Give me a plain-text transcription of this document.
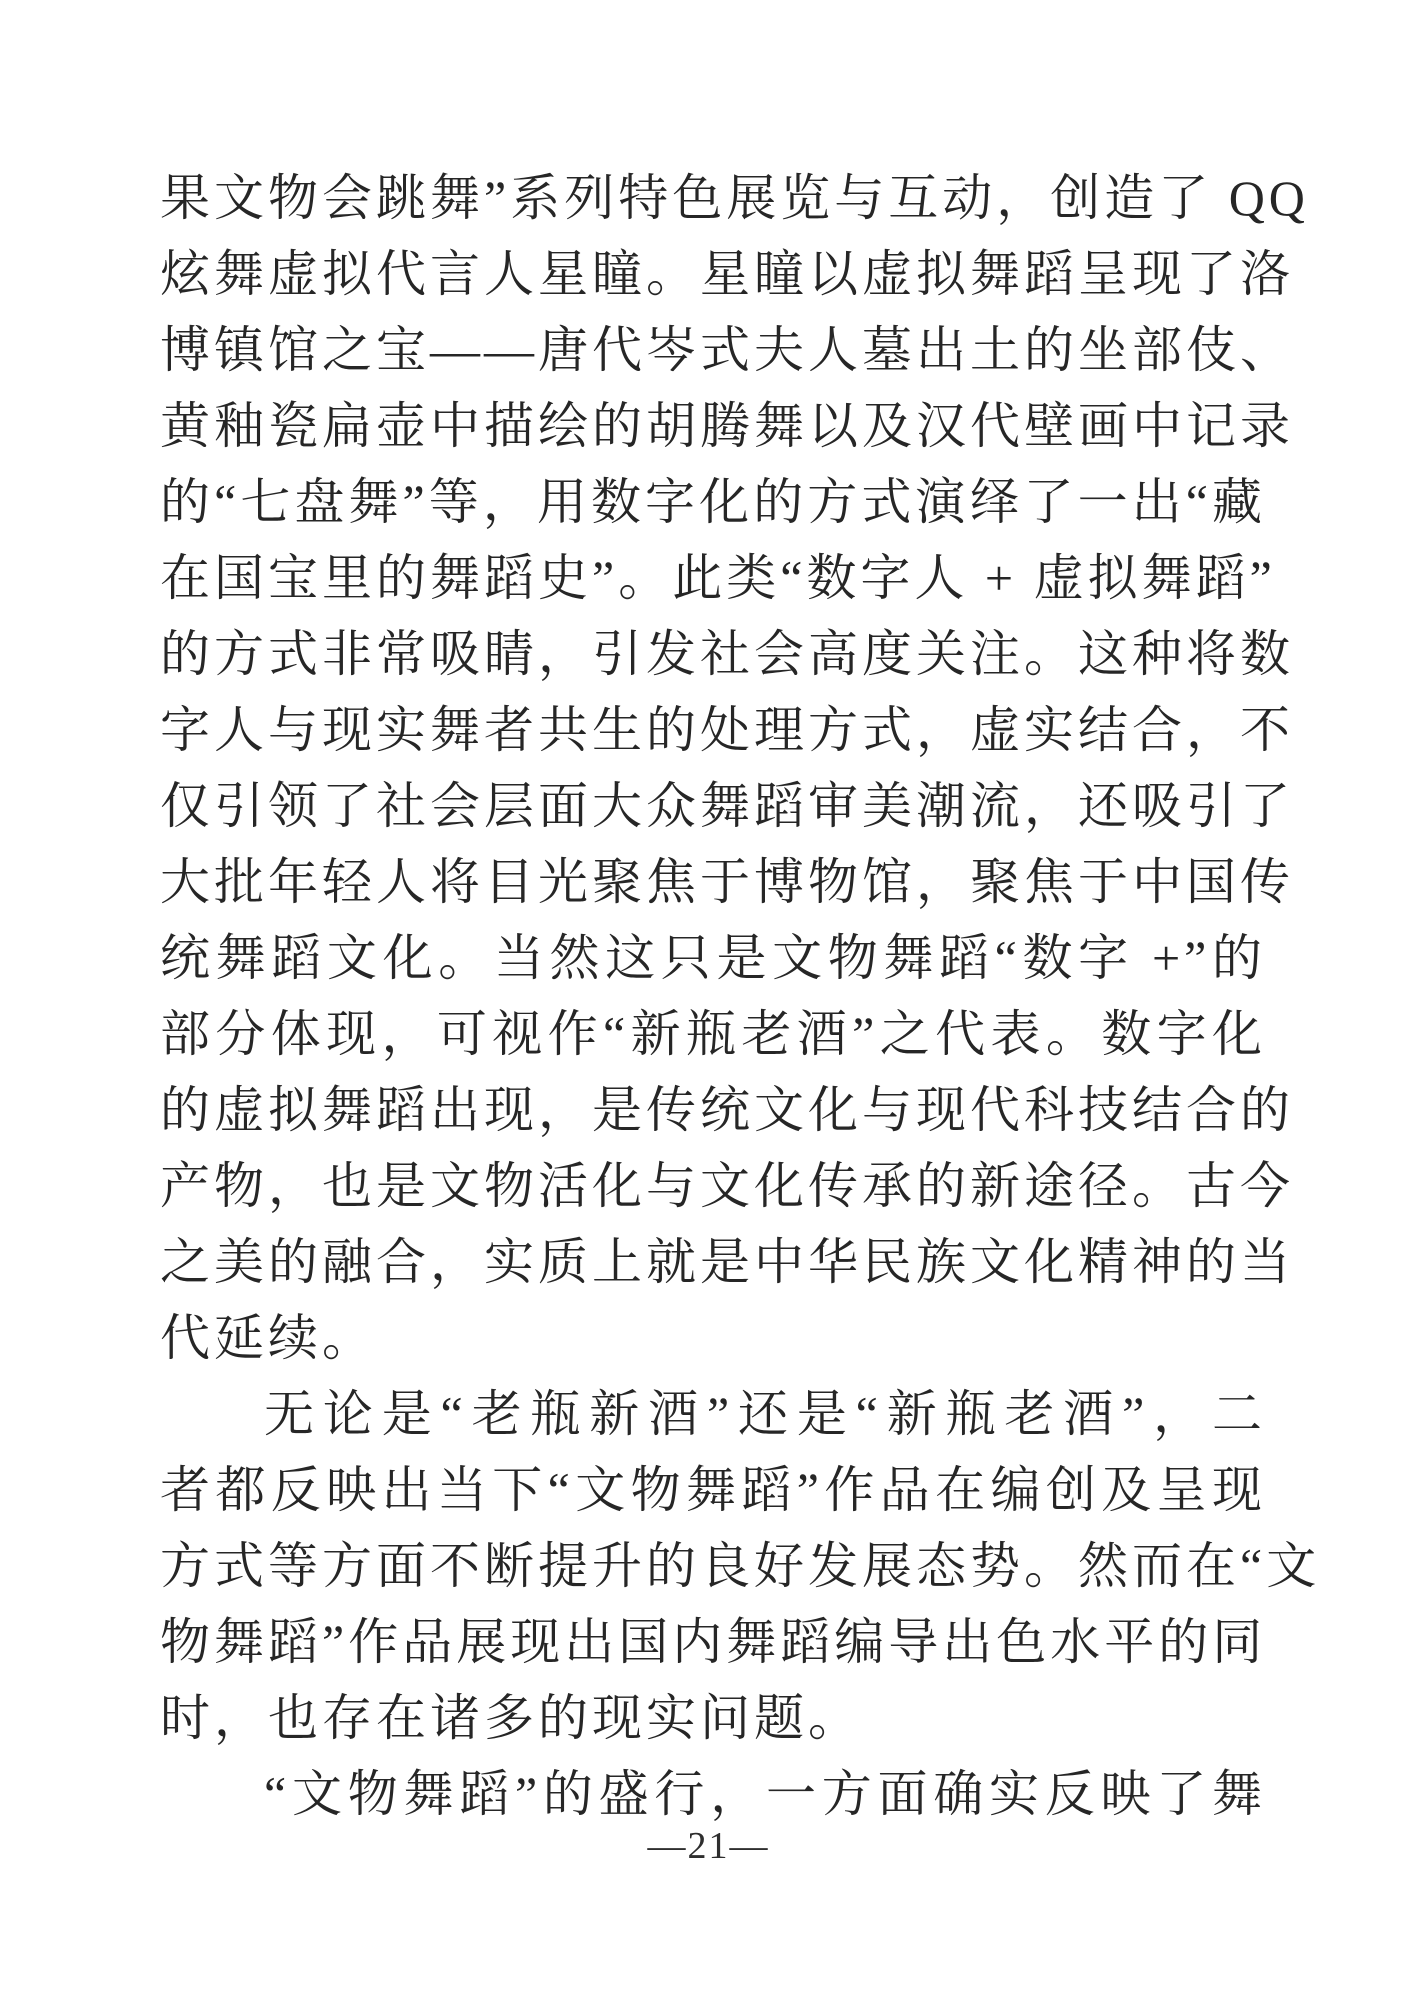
果文物会跳舞”系列特色展览与互动，创造了 QQ
炫舞虚拟代言人星瞳。星瞳以虚拟舞蹈呈现了洛
博镇馆之宝——唐代岑式夫人墓出土的坐部伎、
黄釉瓷扁壶中描绘的胡腾舞以及汉代壁画中记录
的“七盘舞”等，用数字化的方式演绎了一出“藏
在国宝里的舞蹈史”。此类“数字人 + 虚拟舞蹈”
的方式非常吸睛，引发社会高度关注。这种将数
字人与现实舞者共生的处理方式，虚实结合，不
仅引领了社会层面大众舞蹈审美潮流，还吸引了
大批年轻人将目光聚焦于博物馆，聚焦于中国传
统舞蹈文化。当然这只是文物舞蹈“数字 +”的
部分体现，可视作“新瓶老酒”之代表。数字化
的虚拟舞蹈出现，是传统文化与现代科技结合的
产物，也是文物活化与文化传承的新途径。古今
之美的融合，实质上就是中华民族文化精神的当
代延续。
无论是“老瓶新酒”还是“新瓶老酒”，二
者都反映出当下“文物舞蹈”作品在编创及呈现
方式等方面不断提升的良好发展态势。然而在“文
物舞蹈”作品展现出国内舞蹈编导出色水平的同
时，也存在诸多的现实问题。
“文物舞蹈”的盛行，一方面确实反映了舞
—21—
